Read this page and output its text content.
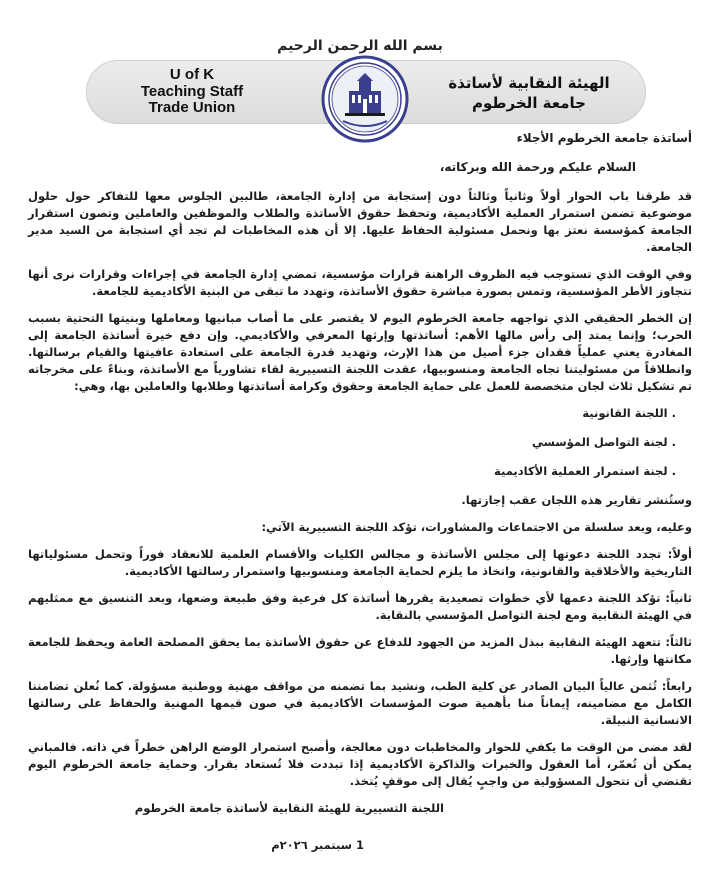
بسم الله الرحمن الرحيم
U of K
Teaching Staff
Trade Union
الهيئة النقابية لأساتذة
جامعة الخرطوم

أساتذة جامعة الخرطوم الأجلاء

السلام عليكم ورحمة الله وبركاته،

قد طرقنا باب الحوار أولاً وثانياً وثالثاً دون إستجابة من إدارة الجامعة، طالبين الجلوس معها للتفاكر حول حلول موضوعية تضمن استمرار العملية الأكاديمية، وتحفظ حقوق الأساتذة والطلاب والموظفين والعاملين وتصون استقرار الجامعة كمؤسسة نعتز بها ونحمل مسئولية الحفاظ عليها. إلا أن هذه المخاطبات لم تجد أي استجابة من السيد مدير الجامعة.

وفي الوقت الذي تستوجب فيه الظروف الراهنة قرارات مؤسسية، تمضي إدارة الجامعة في إجراءات وقرارات نرى أنها تتجاوز الأطر المؤسسية، وتمس بصورة مباشرة حقوق الأساتذة، وتهدد ما تبقى من البنية الأكاديمية للجامعة.

إن الخطر الحقيقي الذي تواجهه جامعة الخرطوم اليوم لا يقتصر على ما أصاب مبانيها ومعاملها وبنيتها التحتية بسبب الحرب؛ وإنما يمتد إلى رأس مالها الأهم: أساتذتها وإرثها المعرفي والأكاديمي. وإن دفع خيرة أساتذة الجامعة إلى المغادرة يعني عملياً فقدان جزء أصيل من هذا الإرث، وتهديد قدرة الجامعة على استعادة عافيتها والقيام برسالتها. وانطلاقاً من مسئوليتنا تجاه الجامعة ومنسوبيها، عقدت اللجنة التسييرية لقاء تشاورياً مع الأساتذة، وبناءً على مخرجاته تم تشكيل ثلاث لجان متخصصة للعمل على حماية الجامعة وحقوق وكرامة أساتذتها وطلابها والعاملين بها، وهي:

. اللجنة القانونية

. لجنة التواصل المؤسسي

. لجنة استمرار العملية الأكاديمية

وستُنشر تقارير هذه اللجان عقب إجازتها.

وعليه، وبعد سلسلة من الاجتماعات والمشاورات، تؤكد اللجنة التسييرية الآتي:

أولاً: تجدد اللجنة دعوتها إلى مجلس الأساتذة و مجالس الكليات والأقسام العلمية للانعقاد فوراً وتحمل مسئولياتها التاريخية والأخلاقية والقانونية، واتخاذ ما يلزم لحماية الجامعة ومنسوبيها واستمرار رسالتها الأكاديمية.

ثانياً: تؤكد اللجنة دعمها لأي خطوات تصعيدية يقررها أساتذة كل فرعية وفق طبيعة وضعها، وبعد التنسيق مع ممثليهم في الهيئة النقابية ومع لجنة التواصل المؤسسي بالنقابة.

ثالثاً: تتعهد الهيئة النقابية ببذل المزيد من الجهود للدفاع عن حقوق الأساتذة بما يحقق المصلحة العامة ويحفظ للجامعة مكانتها وإرثها.

رابعاً: تُثمن عالياً البيان الصادر عن كلية الطب، ونشيد بما تضمنه من مواقف مهنية ووطنية مسؤولة. كما نُعلن تضامننا الكامل مع مضامينه، إيماناً منا بأهمية صوت المؤسسات الأكاديمية في صون قيمها المهنية والحفاظ على رسالتها الانسانية النبيلة.

لقد مضى من الوقت ما يكفي للحوار والمخاطبات دون معالجة، وأصبح استمرار الوضع الراهن خطراً في ذاته. فالمباني يمكن أن تُعمّر، أما العقول والخبرات والذاكرة الأكاديمية إذا تبددت فلا تُستعاد بقرار. وحماية جامعة الخرطوم اليوم تقتضي أن تتحول المسؤولية من واجبٍ يُقال إلى موقفٍ يُتخذ.

اللجنة التسييرية للهيئة النقابية لأساتذة جامعة الخرطوم

1 سبتمبر ٢٠٢٦م
